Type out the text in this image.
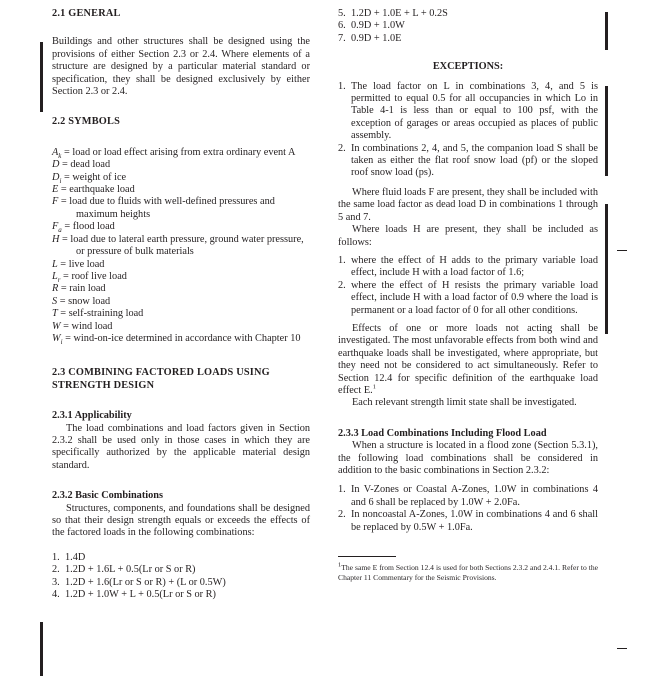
2.1 GENERAL

Buildings and other structures shall be designed using the provisions of either Section 2.3 or 2.4. Where elements of a structure are designed by a particular material standard or specification, they shall be designed exclusively by either Section 2.3 or 2.4.

2.2 SYMBOLS
$A_k$ = load or load effect arising from extra ordinary event A
D = dead load
$D_i$ = weight of ice
E = earthquake load
F = load due to fluids with well-defined pressures and maximum heights
$F_a$ = flood load
H = load due to lateral earth pressure, ground water pressure, or pressure of bulk materials
L = live load
$L_r$ = roof live load
R = rain load
S = snow load
T = self-straining load
W = wind load
$W_i$ = wind-on-ice determined in accordance with Chapter 10
2.3 COMBINING FACTORED LOADS USING
STRENGTH DESIGN
2.3.1 Applicability

The load combinations and load factors given in Section 2.3.2 shall be used only in those cases in which they are specifically authorized by the applicable material design standard.

2.3.2 Basic Combinations

Structures, components, and foundations shall be designed so that their design strength equals or exceeds the effects of the factored loads in the following combinations:

1. 1.4D
2. 1.2D + 1.6L + 0.5(Lr or S or R)
3. 1.2D + 1.6(Lr or S or R) + (L or 0.5W)
4. 1.2D + 1.0W + L + 0.5(Lr or S or R)
5. 1.2D + 1.0E + L + 0.2S
6. 0.9D + 1.0W
7. 0.9D + 1.0E
EXCEPTIONS:
1. The load factor on L in combinations 3, 4, and 5 is permitted to equal 0.5 for all occupancies in which Lo in Table 4-1 is less than or equal to 100 psf, with the exception of garages or areas occupied as places of public assembly.
2. In combinations 2, 4, and 5, the companion load S shall be taken as either the flat roof snow load (pf) or the sloped roof snow load (ps).

Where fluid loads F are present, they shall be included with the same load factor as dead load D in combinations 1 through 5 and 7.

Where loads H are present, they shall be included as follows:

1. where the effect of H adds to the primary variable load effect, include H with a load factor of 1.6;
2. where the effect of H resists the primary variable load effect, include H with a load factor of 0.9 where the load is permanent or a load factor of 0 for all other conditions.

Effects of one or more loads not acting shall be investigated. The most unfavorable effects from both wind and earthquake loads shall be investigated, where appropriate, but they need not be considered to act simultaneously. Refer to Section 12.4 for specific definition of the earthquake load effect E.$^1$

Each relevant strength limit state shall be investigated.

2.3.3 Load Combinations Including Flood Load

When a structure is located in a flood zone (Section 5.3.1), the following load combinations shall be considered in addition to the basic combinations in Section 2.3.2:

1. In V-Zones or Coastal A-Zones, 1.0W in combinations 4 and 6 shall be replaced by 1.0W + 2.0Fa.
2. In noncoastal A-Zones, 1.0W in combinations 4 and 6 shall be replaced by 0.5W + 1.0Fa.
$^1$The same E from Section 12.4 is used for both Sections 2.3.2 and 2.4.1. Refer to the Chapter 11 Commentary for the Seismic Provisions.
